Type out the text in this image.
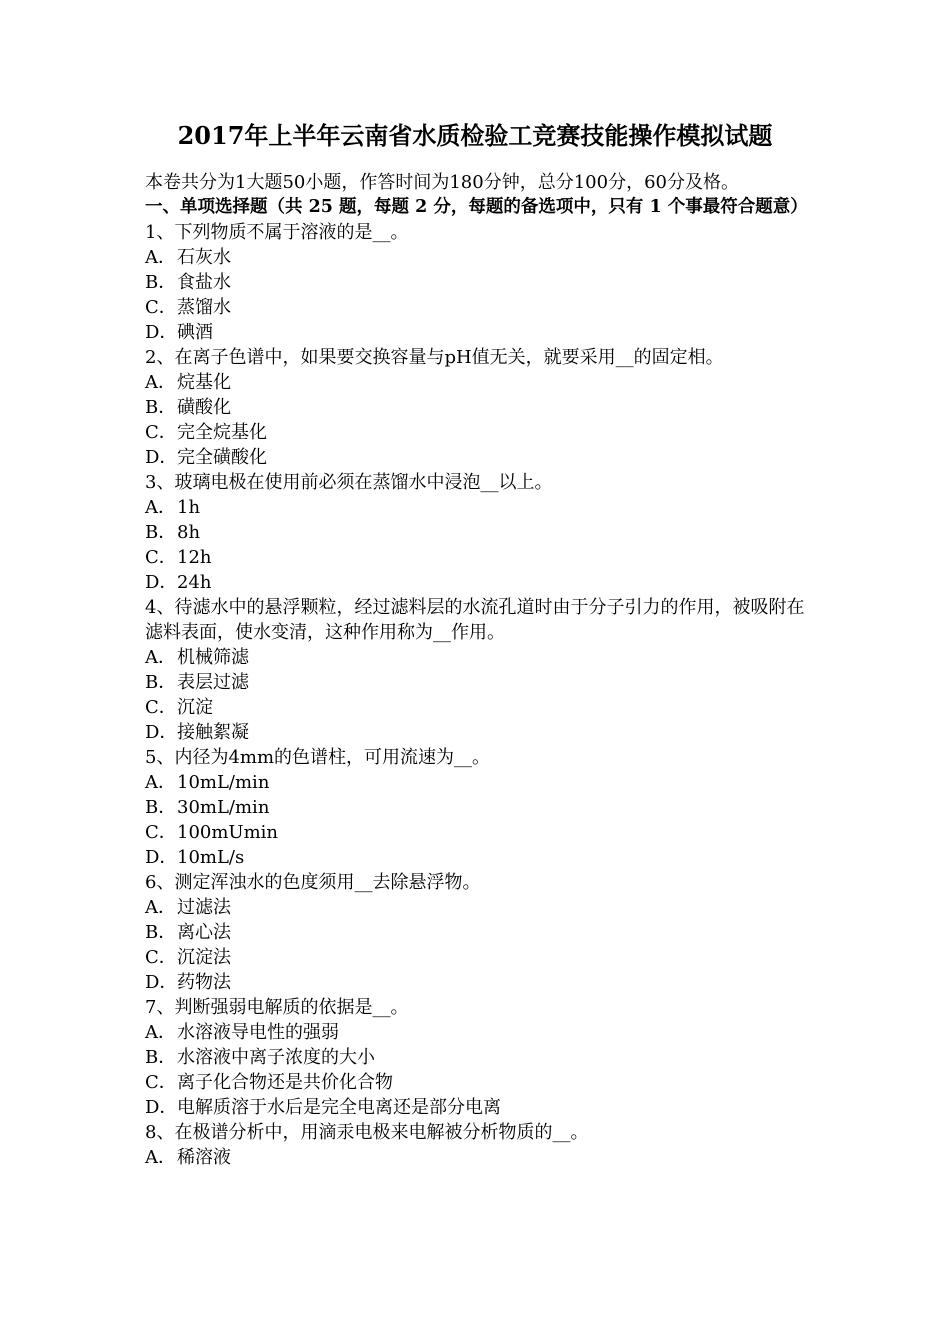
2017年上半年云南省水质检验工竞赛技能操作模拟试题
本卷共分为1大题50小题，作答时间为180分钟，总分100分，60分及格。
一、单项选择题（共 25 题，每题 2 分，每题的备选项中，只有 1 个事最符合题意）
1、下列物质不属于溶液的是__。
A． 石灰水
B． 食盐水
C． 蒸馏水
D． 碘酒
2、在离子色谱中，如果要交换容量与pH值无关，就要采用__的固定相。
A． 烷基化
B． 磺酸化
C． 完全烷基化
D． 完全磺酸化
3、玻璃电极在使用前必须在蒸馏水中浸泡__以上。
A． 1h
B． 8h
C． 12h
D． 24h
4、待滤水中的悬浮颗粒，经过滤料层的水流孔道时由于分子引力的作用，被吸附在滤料表面，使水变清，这种作用称为__作用。
A． 机械筛滤
B． 表层过滤
C． 沉淀
D． 接触絮凝
5、内径为4mm的色谱柱，可用流速为__。
A． 10mL/min
B． 30mL/min
C． 100mUmin
D． 10mL/s
6、测定浑浊水的色度须用__去除悬浮物。
A． 过滤法
B． 离心法
C． 沉淀法
D． 药物法
7、判断强弱电解质的依据是__。
A． 水溶液导电性的强弱
B． 水溶液中离子浓度的大小
C． 离子化合物还是共价化合物
D． 电解质溶于水后是完全电离还是部分电离
8、在极谱分析中，用滴汞电极来电解被分析物质的__。
A． 稀溶液
